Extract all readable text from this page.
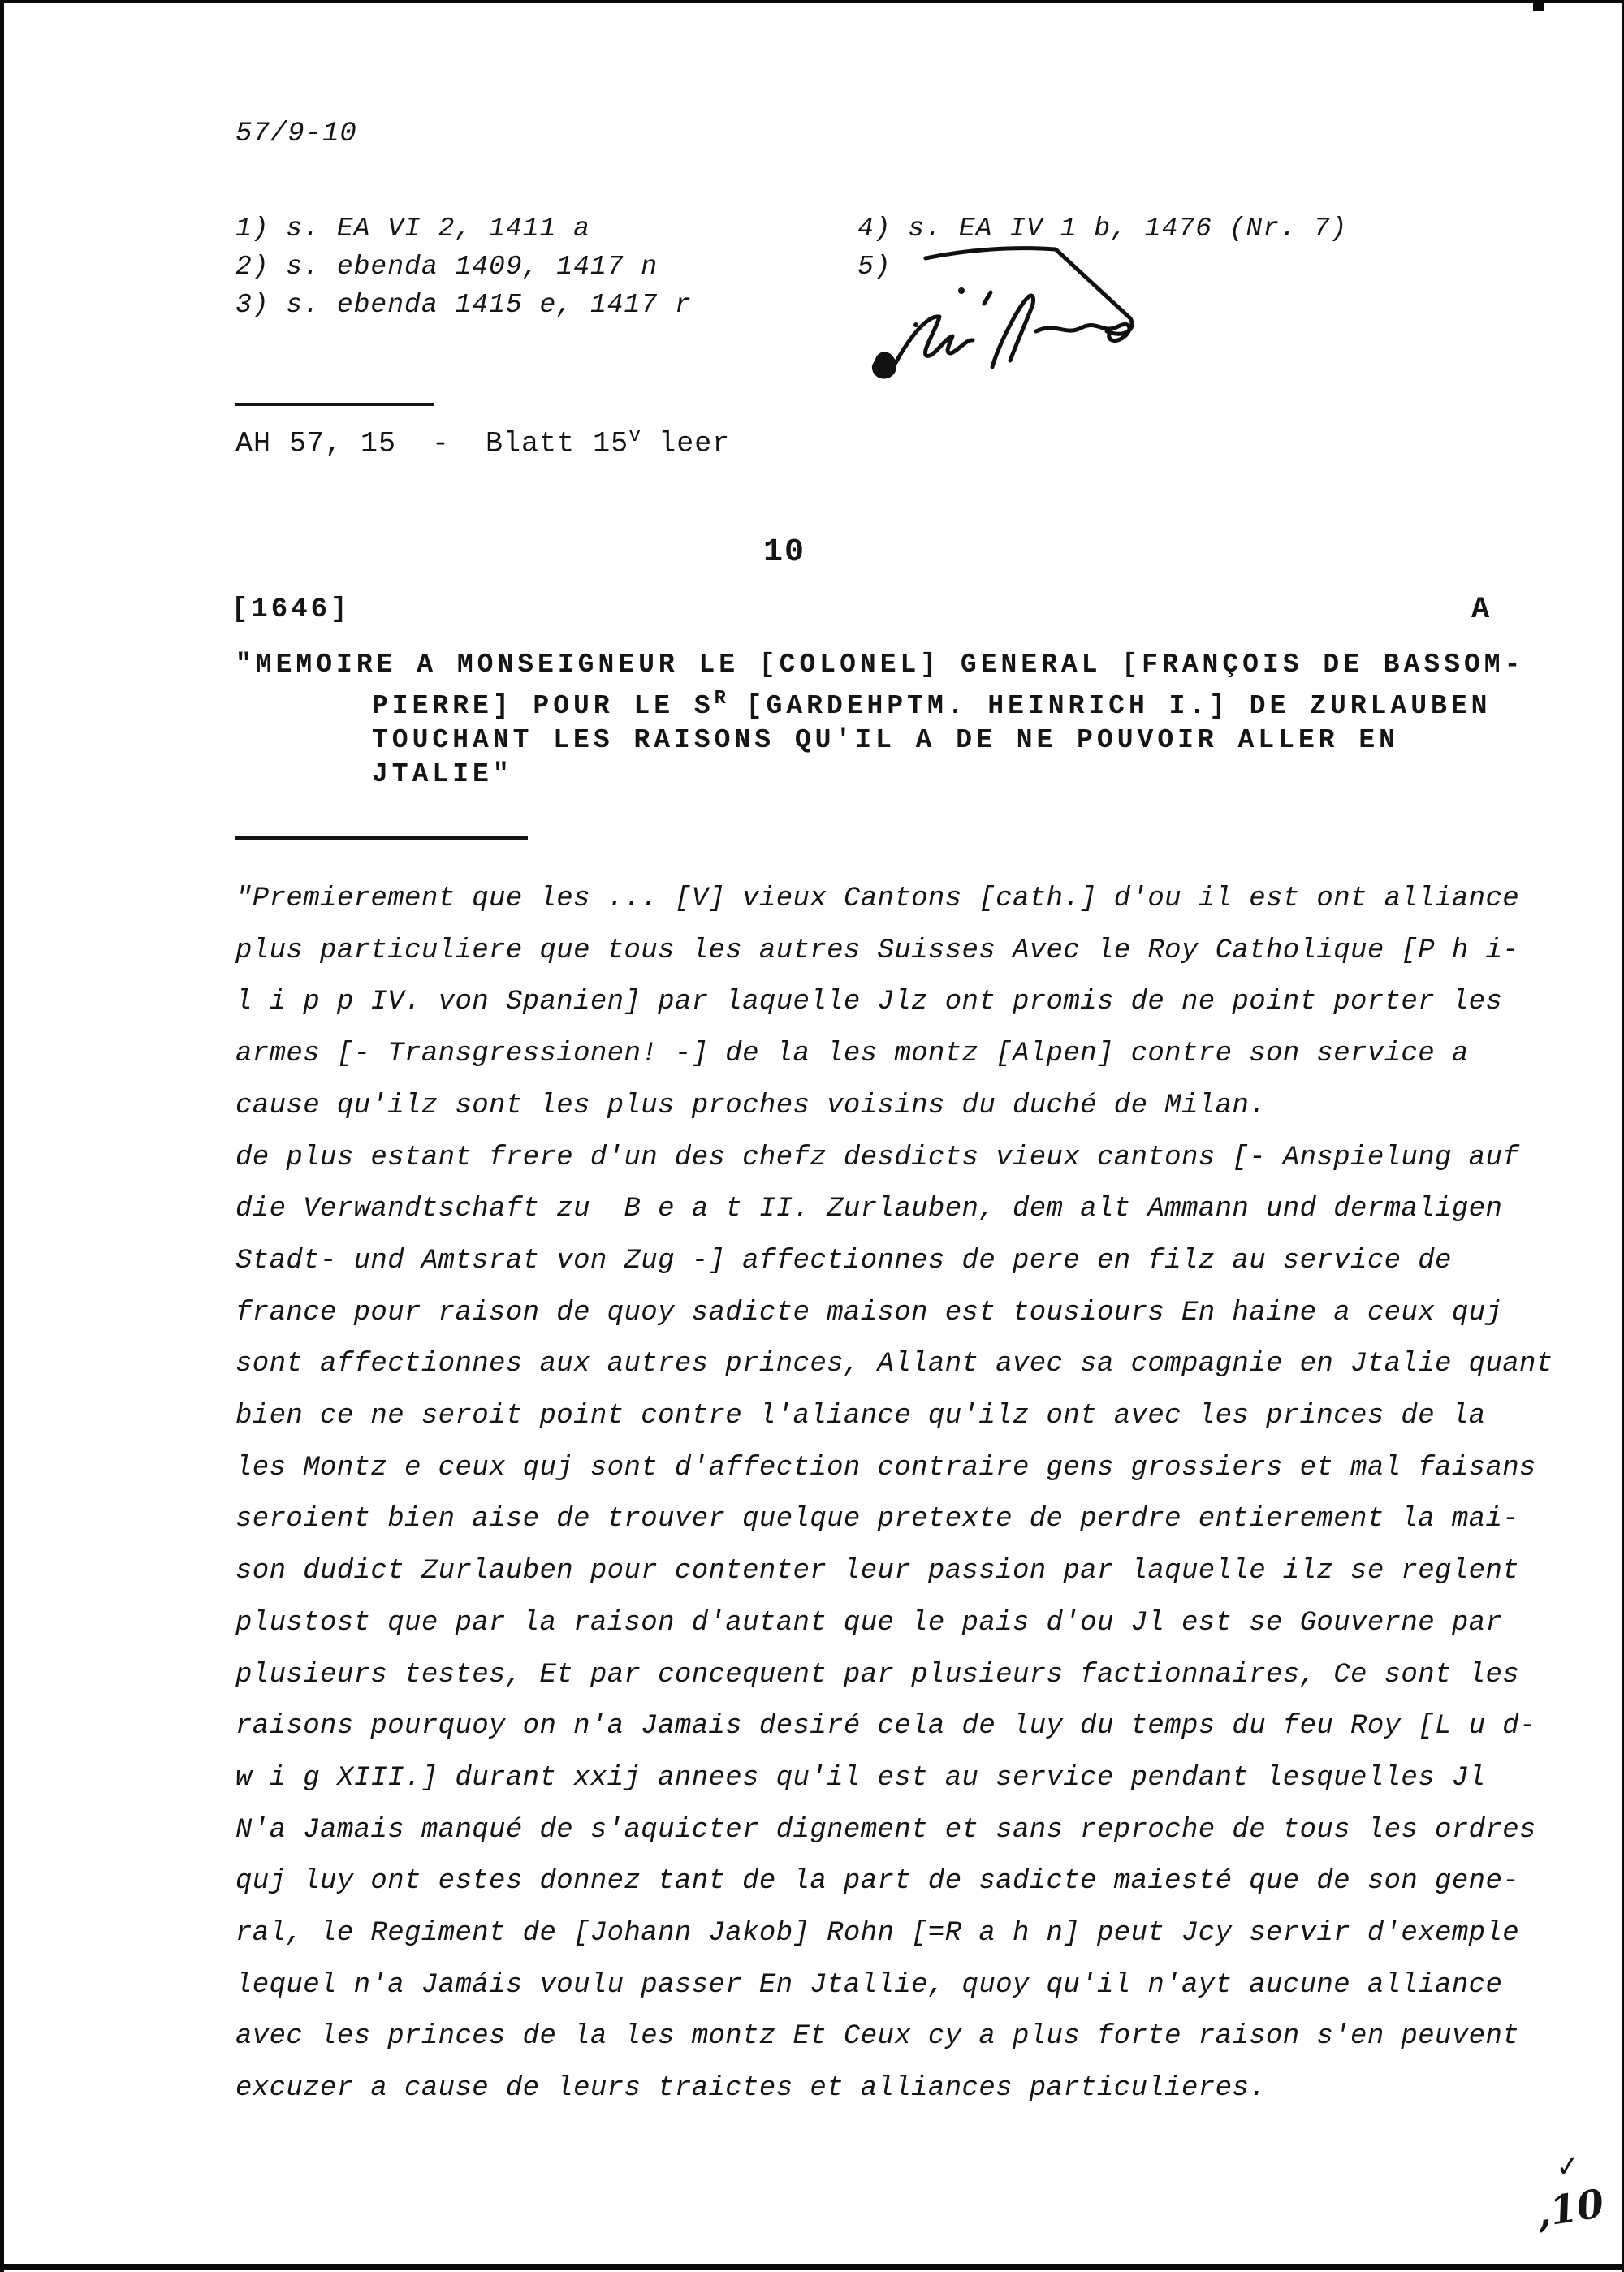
57/9-10
1) s. EA VI 2, 1411 a
2) s. ebenda 1409, 1417 n
3) s. ebenda 1415 e, 1417 r
4) s. EA IV 1 b, 1476 (Nr. 7)
5)
AH 57, 15  -  Blatt 15$^v$ leer
10
[1646]	A
"MEMOIRE A MONSEIGNEUR LE [COLONEL] GENERAL [FRANÇOIS DE BASSOM-
PIERRE] POUR LE $S^R$ [GARDEHPTM. HEINRICH I.] DE ZURLAUBEN
TOUCHANT LES RAISONS QU'IL A DE NE POUVOIR ALLER EN
JTALIE"
"Premierement que les ... [V] vieux Cantons [cath.] d'ou il est ont alliance
plus particuliere que tous les autres Suisses Avec le Roy Catholique [P h i-
l i p p IV. von Spanien] par laquelle Jlz ont promis de ne point porter les
armes [- Transgressionen! -] de la les montz [Alpen] contre son service a
cause qu'ilz sont les plus proches voisins du duché de Milan.
de plus estant frere d'un des chefz desdicts vieux cantons [- Anspielung auf
die Verwandtschaft zu  B e a t II. Zurlauben, dem alt Ammann und dermaligen
Stadt- und Amtsrat von Zug -] affectionnes de pere en filz au service de
france pour raison de quoy sadicte maison est tousiours En haine a ceux quj
sont affectionnes aux autres princes, Allant avec sa compagnie en Jtalie quant
bien ce ne seroit point contre l'aliance qu'ilz ont avec les princes de la
les Montz e ceux quj sont d'affection contraire gens grossiers et mal faisans
seroient bien aise de trouver quelque pretexte de perdre entierement la mai-
son dudict Zurlauben pour contenter leur passion par laquelle ilz se reglent
plustost que par la raison d'autant que le pais d'ou Jl est se Gouverne par
plusieurs testes, Et par concequent par plusieurs factionnaires, Ce sont les
raisons pourquoy on n'a Jamais desiré cela de luy du temps du feu Roy [L u d-
w i g XIII.] durant xxij annees qu'il est au service pendant lesquelles Jl
N'a Jamais manqué de s'aquicter dignement et sans reproche de tous les ordres
quj luy ont estes donnez tant de la part de sadicte maiesté que de son gene-
ral, le Regiment de [Johann Jakob] Rohn [=R a h n] peut Jcy servir d'exemple
lequel n'a Jamáis voulu passer En Jtallie, quoy qu'il n'ayt aucune alliance
avec les princes de la les montz Et Ceux cy a plus forte raison s'en peuvent
excuzer a cause de leurs traictes et alliances particulieres.
✓
,10
